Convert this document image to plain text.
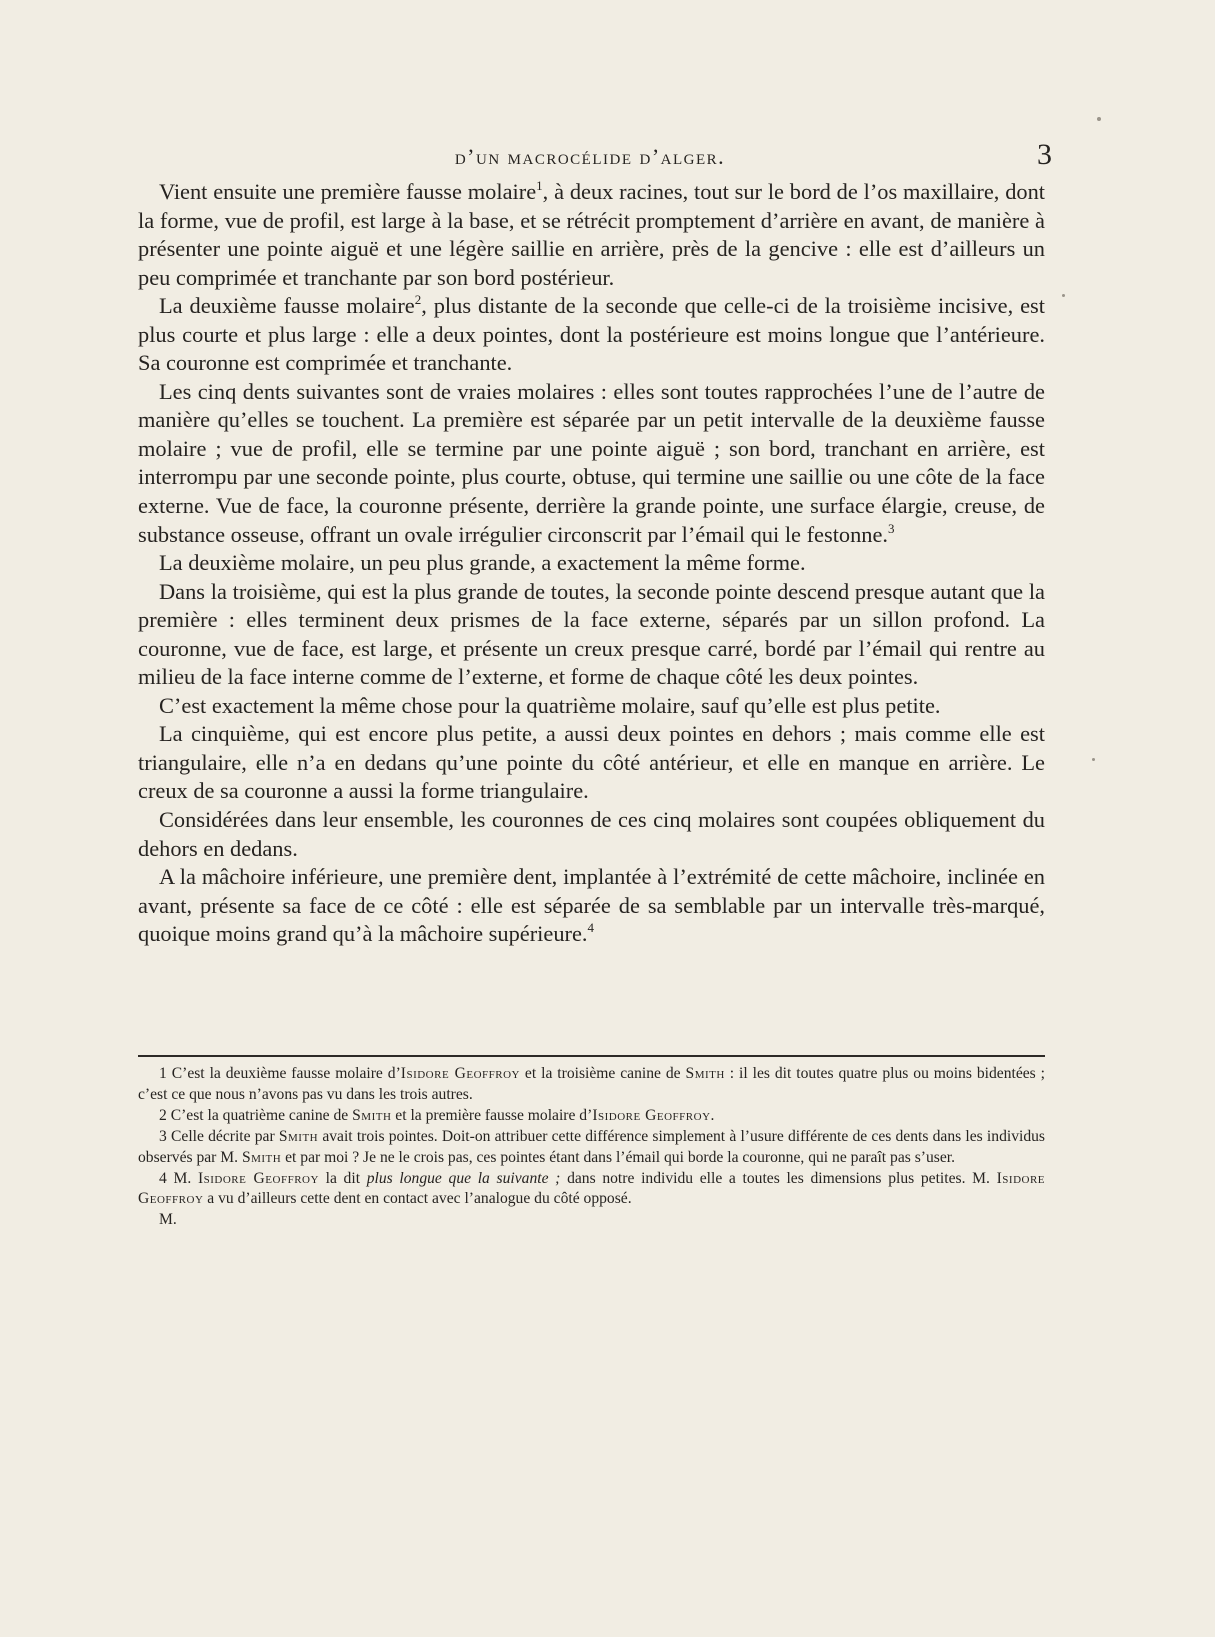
d’un macrocélide d’alger.	3

Vient ensuite une première fausse molaire$^1$, à deux racines, tout sur le bord de l’os maxillaire, dont la forme, vue de profil, est large à la base, et se rétrécit promptement d’arrière en avant, de manière à présenter une pointe aiguë et une légère saillie en arrière, près de la gencive : elle est d’ailleurs un peu comprimée et tranchante par son bord postérieur.

La deuxième fausse molaire$^2$, plus distante de la seconde que celle-ci de la troisième incisive, est plus courte et plus large : elle a deux pointes, dont la postérieure est moins longue que l’antérieure. Sa couronne est comprimée et tranchante.

Les cinq dents suivantes sont de vraies molaires : elles sont toutes rapprochées l’une de l’autre de manière qu’elles se touchent. La première est séparée par un petit intervalle de la deuxième fausse molaire ; vue de profil, elle se termine par une pointe aiguë ; son bord, tranchant en arrière, est interrompu par une seconde pointe, plus courte, obtuse, qui termine une saillie ou une côte de la face externe. Vue de face, la couronne présente, derrière la grande pointe, une surface élargie, creuse, de substance osseuse, offrant un ovale irrégulier circonscrit par l’émail qui le festonne.$^3$

La deuxième molaire, un peu plus grande, a exactement la même forme.

Dans la troisième, qui est la plus grande de toutes, la seconde pointe descend presque autant que la première : elles terminent deux prismes de la face externe, séparés par un sillon profond. La couronne, vue de face, est large, et présente un creux presque carré, bordé par l’émail qui rentre au milieu de la face interne comme de l’externe, et forme de chaque côté les deux pointes.

C’est exactement la même chose pour la quatrième molaire, sauf qu’elle est plus petite.

La cinquième, qui est encore plus petite, a aussi deux pointes en dehors ; mais comme elle est triangulaire, elle n’a en dedans qu’une pointe du côté antérieur, et elle en manque en arrière. Le creux de sa couronne a aussi la forme triangulaire.

Considérées dans leur ensemble, les couronnes de ces cinq molaires sont coupées obliquement du dehors en dedans.

A la mâchoire inférieure, une première dent, implantée à l’extrémité de cette mâchoire, inclinée en avant, présente sa face de ce côté : elle est séparée de sa semblable par un intervalle très-marqué, quoique moins grand qu’à la mâchoire supérieure.$^4$

1 C’est la deuxième fausse molaire d’Isidore Geoffroy et la troisième canine de Smith : il les dit toutes quatre plus ou moins bidentées ; c’est ce que nous n’avons pas vu dans les trois autres.

2 C’est la quatrième canine de Smith et la première fausse molaire d’Isidore Geoffroy.

3 Celle décrite par Smith avait trois pointes. Doit-on attribuer cette différence simplement à l’usure différente de ces dents dans les individus observés par M. Smith et par moi ? Je ne le crois pas, ces pointes étant dans l’émail qui borde la couronne, qui ne paraît pas s’user.

4 M. Isidore Geoffroy la dit plus longue que la suivante ; dans notre individu elle a toutes les dimensions plus petites. M. Isidore Geoffroy a vu d’ailleurs cette dent en contact avec l’analogue du côté opposé.

M.
